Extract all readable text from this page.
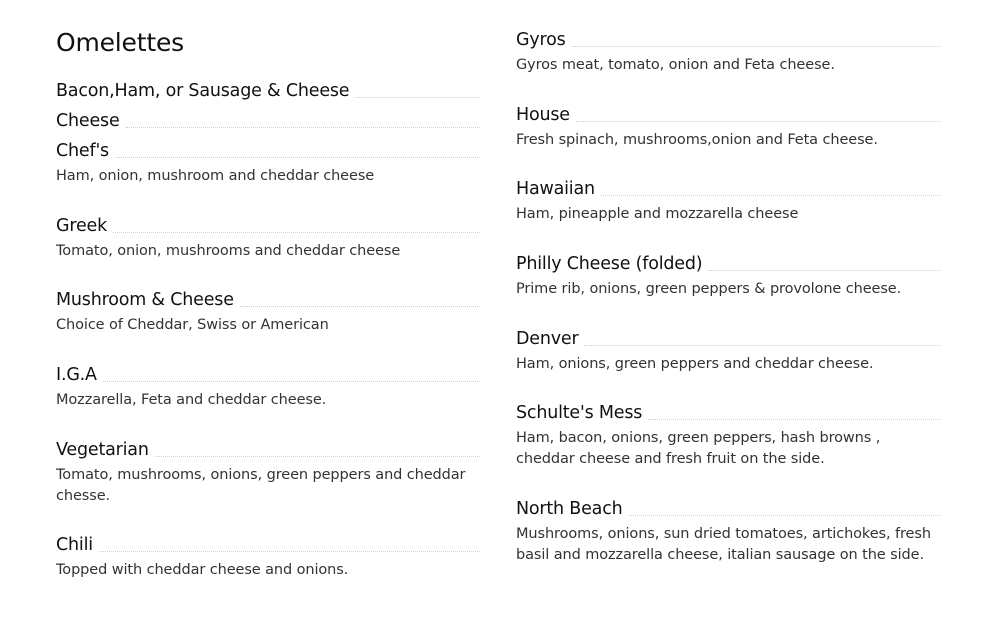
Omelettes
Bacon,Ham, or Sausage & Cheese
Cheese
Chef's
Ham, onion, mushroom and cheddar cheese
Greek
Tomato, onion, mushrooms and cheddar cheese
Mushroom & Cheese
Choice of Cheddar, Swiss or American
I.G.A
Mozzarella, Feta and cheddar cheese.
Vegetarian
Tomato, mushrooms, onions, green peppers and cheddar chesse.
Chili
Topped with cheddar cheese and onions.
Gyros
Gyros meat, tomato, onion and Feta cheese.
House
Fresh spinach, mushrooms,onion and Feta cheese.
Hawaiian
Ham, pineapple and mozzarella cheese
Philly Cheese (folded)
Prime rib, onions, green peppers & provolone cheese.
Denver
Ham, onions, green peppers and cheddar cheese.
Schulte's Mess
Ham, bacon, onions, green peppers, hash browns , cheddar cheese and fresh fruit on the side.
North Beach
Mushrooms, onions, sun dried tomatoes, artichokes, fresh basil and mozzarella cheese, italian sausage on the side.
